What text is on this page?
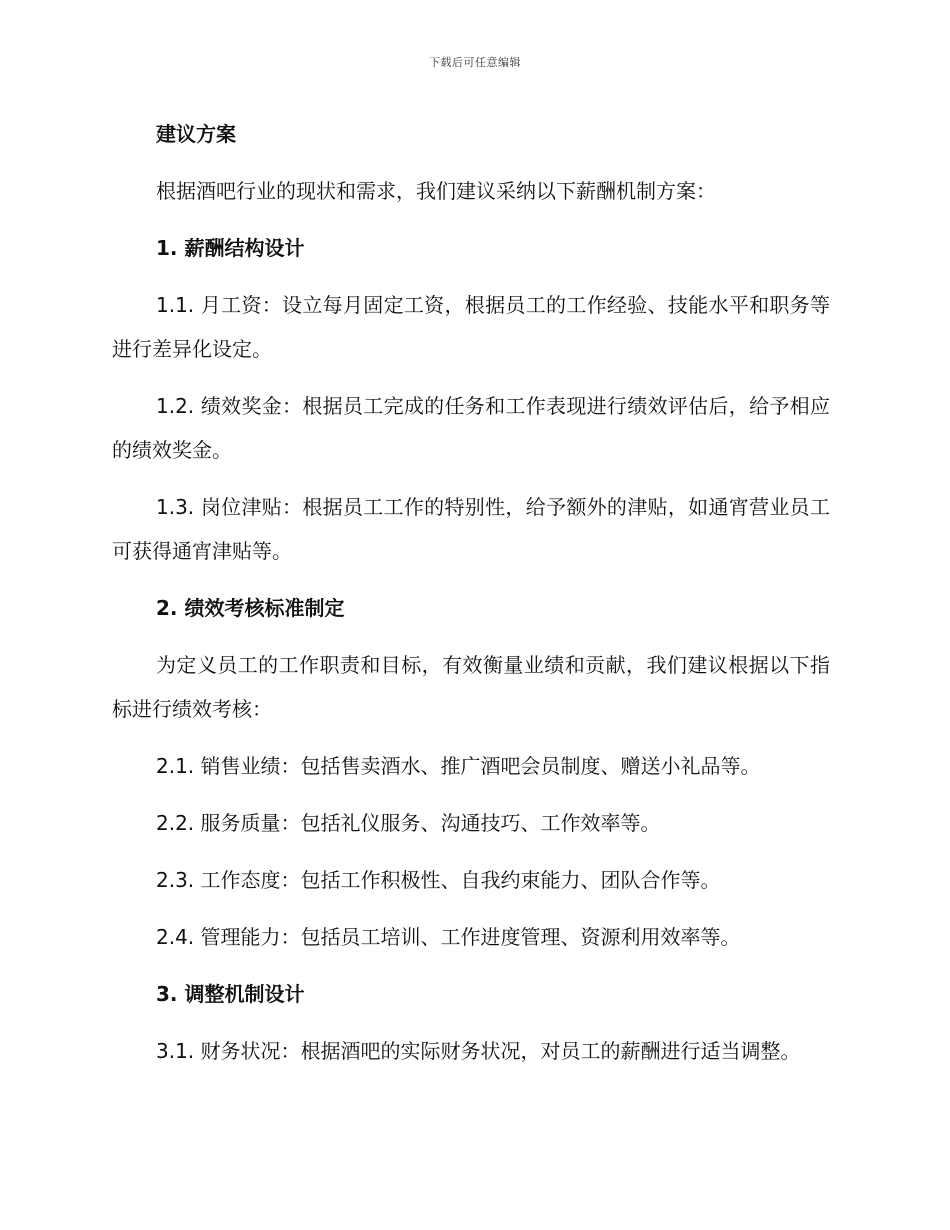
下载后可任意编辑

建议方案

根据酒吧行业的现状和需求，我们建议采纳以下薪酬机制方案：

1. 薪酬结构设计

1.1. 月工资：设立每月固定工资，根据员工的工作经验、技能水平和职务等进行差异化设定。

1.2. 绩效奖金：根据员工完成的任务和工作表现进行绩效评估后，给予相应的绩效奖金。

1.3. 岗位津贴：根据员工工作的特别性，给予额外的津贴，如通宵营业员工可获得通宵津贴等。

2. 绩效考核标准制定

为定义员工的工作职责和目标，有效衡量业绩和贡献，我们建议根据以下指标进行绩效考核：

2.1. 销售业绩：包括售卖酒水、推广酒吧会员制度、赠送小礼品等。

2.2. 服务质量：包括礼仪服务、沟通技巧、工作效率等。

2.3. 工作态度：包括工作积极性、自我约束能力、团队合作等。

2.4. 管理能力：包括员工培训、工作进度管理、资源利用效率等。

3. 调整机制设计

3.1. 财务状况：根据酒吧的实际财务状况，对员工的薪酬进行适当调整。
